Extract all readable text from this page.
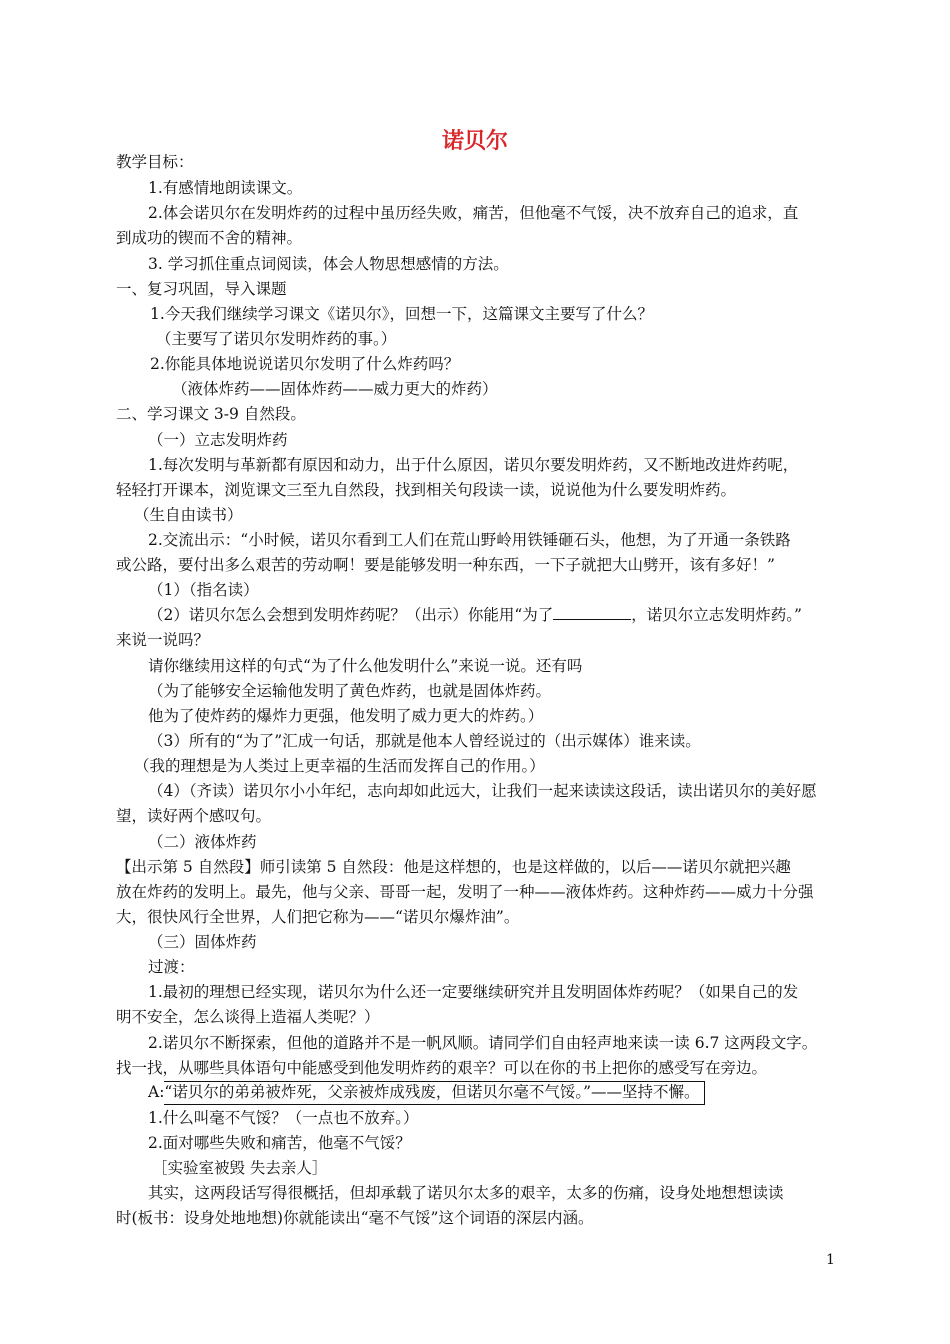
诺贝尔
教学目标：
1.有感情地朗读课文。
2.体会诺贝尔在发明炸药的过程中虽历经失败，痛苦，但他毫不气馁，决不放弃自己的追求，直
到成功的锲而不舍的精神。
3. 学习抓住重点词阅读，体会人物思想感情的方法。
一、复习巩固，导入课题
1.今天我们继续学习课文《诺贝尔》，回想一下，这篇课文主要写了什么？
（主要写了诺贝尔发明炸药的事。）
2.你能具体地说说诺贝尔发明了什么炸药吗？
（液体炸药——固体炸药——威力更大的炸药）
二、学习课文 3-9 自然段。
（一）立志发明炸药
1.每次发明与革新都有原因和动力，出于什么原因，诺贝尔要发明炸药，又不断地改进炸药呢，
轻轻打开课本，浏览课文三至九自然段，找到相关句段读一读，说说他为什么要发明炸药。
（生自由读书）
2.交流出示：“小时候，诺贝尔看到工人们在荒山野岭用铁锤砸石头，他想，为了开通一条铁路
或公路，要付出多么艰苦的劳动啊！要是能够发明一种东西，一下子就把大山劈开，该有多好！”
（1）（指名读）
（2）诺贝尔怎么会想到发明炸药呢？（出示）你能用“为了	，诺贝尔立志发明炸药。”
来说一说吗？
请你继续用这样的句式“为了什么他发明什么”来说一说。还有吗
（为了能够安全运输他发明了黄色炸药，也就是固体炸药。
他为了使炸药的爆炸力更强，他发明了威力更大的炸药。）
（3）所有的“为了”汇成一句话，那就是他本人曾经说过的（出示媒体）谁来读。
（我的理想是为人类过上更幸福的生活而发挥自己的作用。）
（4）（齐读）诺贝尔小小年纪，志向却如此远大，让我们一起来读读这段话，读出诺贝尔的美好愿
望，读好两个感叹句。
（二）液体炸药
【出示第 5 自然段】师引读第 5 自然段：他是这样想的，也是这样做的，以后——诺贝尔就把兴趣
放在炸药的发明上。最先，他与父亲、哥哥一起，发明了一种——液体炸药。这种炸药——威力十分强
大，很快风行全世界，人们把它称为——“诺贝尔爆炸油”。
（三）固体炸药
过渡：
1.最初的理想已经实现，诺贝尔为什么还一定要继续研究并且发明固体炸药呢？（如果自己的发
明不安全，怎么谈得上造福人类呢？）
2.诺贝尔不断探索，但他的道路并不是一帆风顺。请同学们自由轻声地来读一读 6.7 这两段文字。
找一找，从哪些具体语句中能感受到他发明炸药的艰辛？可以在你的书上把你的感受写在旁边。
A:“诺贝尔的弟弟被炸死，父亲被炸成残废，但诺贝尔毫不气馁。”——坚持不懈。
1.什么叫毫不气馁？（一点也不放弃。）
2.面对哪些失败和痛苦，他毫不气馁？
［实验室被毁 失去亲人］
其实，这两段话写得很概括，但却承载了诺贝尔太多的艰辛，太多的伤痛，设身处地想想读读
时(板书：设身处地地想)你就能读出“毫不气馁”这个词语的深层内涵。
1
